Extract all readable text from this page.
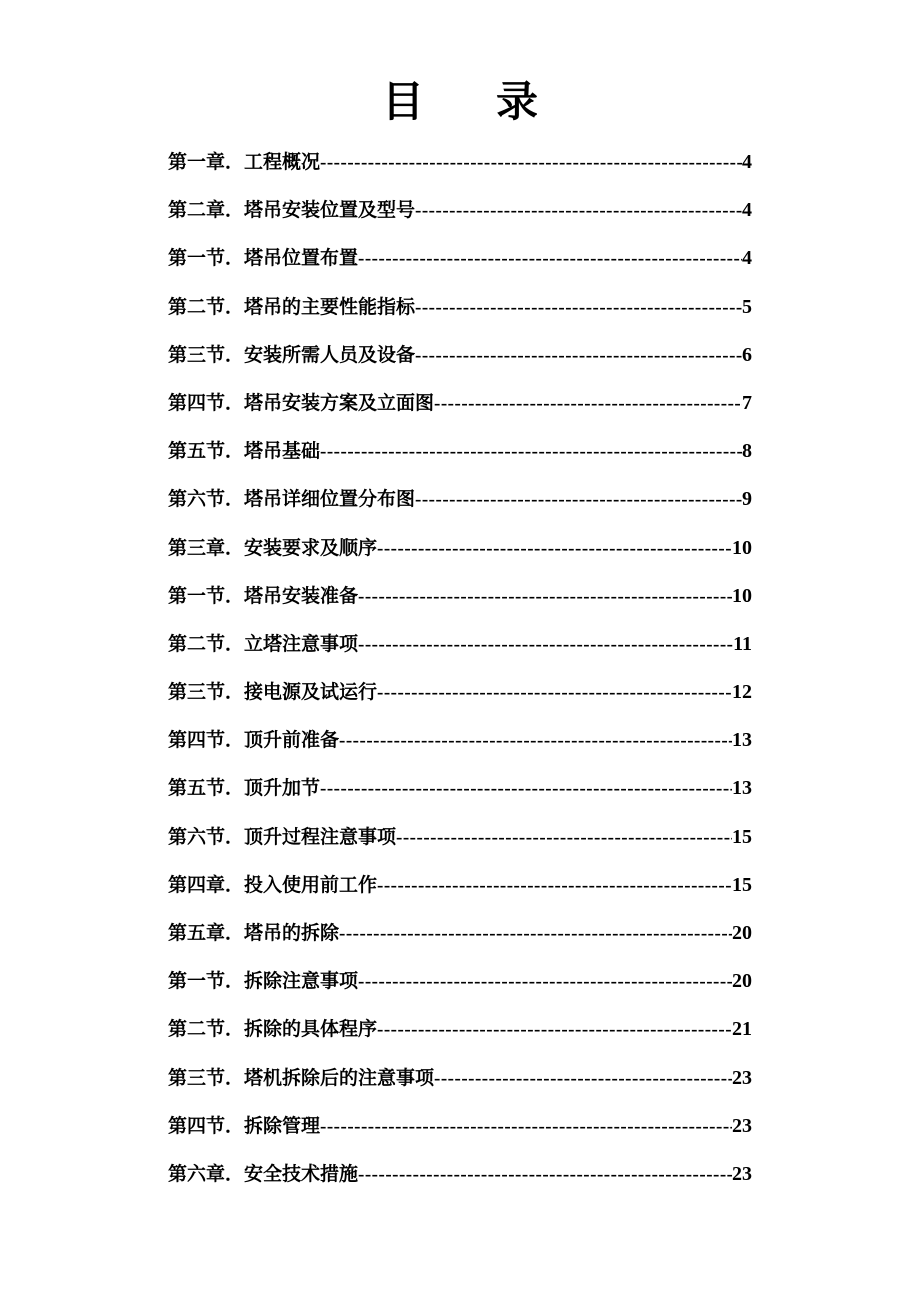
目 录
第一章．工程概况 -----	4
第二章．塔吊安装位置及型号 -----	4
第一节．塔吊位置布置 -----	4
第二节．塔吊的主要性能指标 -----	5
第三节．安装所需人员及设备 -----	6
第四节．塔吊安装方案及立面图 -----	7
第五节．塔吊基础 -----	8
第六节．塔吊详细位置分布图 -----	9
第三章．安装要求及顺序 -----	10
第一节．塔吊安装准备 -----	10
第二节．立塔注意事项 -----	11
第三节．接电源及试运行 -----	12
第四节．顶升前准备 -----	13
第五节．顶升加节 -----	13
第六节．顶升过程注意事项 -----	15
第四章．投入使用前工作 -----	15
第五章．塔吊的拆除 -----	20
第一节．拆除注意事项 -----	20
第二节．拆除的具体程序 -----	21
第三节．塔机拆除后的注意事项 -----	23
第四节．拆除管理 -----	23
第六章．安全技术措施 -----	23
